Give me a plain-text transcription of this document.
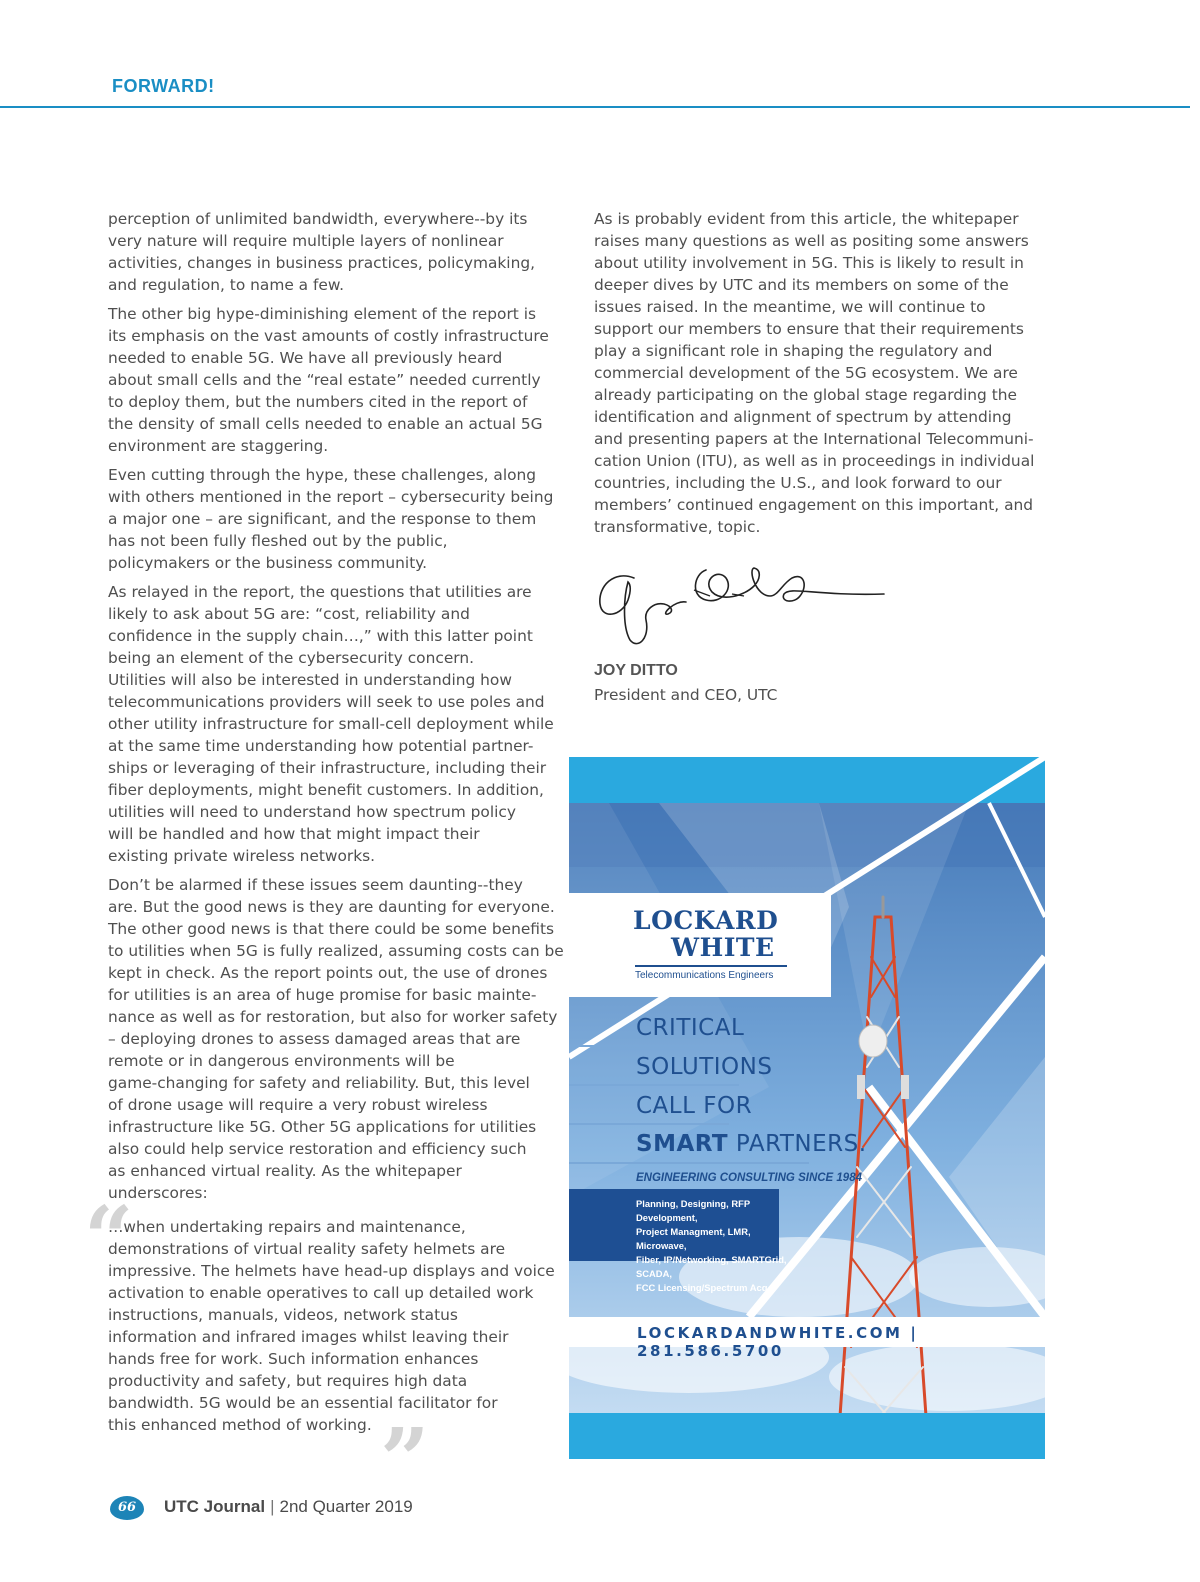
FORWARD!

perception of unlimited bandwidth, everywhere--by its
very nature will require multiple layers of nonlinear
activities, changes in business practices, policymaking,
and regulation, to name a few.

The other big hype-diminishing element of the report is
its emphasis on the vast amounts of costly infrastructure
needed to enable 5G. We have all previously heard
about small cells and the “real estate” needed currently
to deploy them, but the numbers cited in the report of
the density of small cells needed to enable an actual 5G
environment are staggering.

Even cutting through the hype, these challenges, along
with others mentioned in the report – cybersecurity being
a major one – are significant, and the response to them
has not been fully fleshed out by the public,
policymakers or the business community.

As relayed in the report, the questions that utilities are
likely to ask about 5G are: “cost, reliability and
confidence in the supply chain…,” with this latter point
being an element of the cybersecurity concern.
Utilities will also be interested in understanding how
telecommunications providers will seek to use poles and
other utility infrastructure for small-cell deployment while
at the same time understanding how potential partner-
ships or leveraging of their infrastructure, including their
fiber deployments, might benefit customers. In addition,
utilities will need to understand how spectrum policy
will be handled and how that might impact their
existing private wireless networks.

Don’t be alarmed if these issues seem daunting--they
are. But the good news is they are daunting for everyone.
The other good news is that there could be some benefits
to utilities when 5G is fully realized, assuming costs can be
kept in check. As the report points out, the use of drones
for utilities is an area of huge promise for basic mainte-
nance as well as for restoration, but also for worker safety
– deploying drones to assess damaged areas that are
remote or in dangerous environments will be
game-changing for safety and reliability. But, this level
of drone usage will require a very robust wireless
infrastructure like 5G. Other 5G applications for utilities
also could help service restoration and efficiency such
as enhanced virtual reality. As the whitepaper
underscores:

…when undertaking repairs and maintenance,
demonstrations of virtual reality safety helmets are
impressive. The helmets have head-up displays and voice
activation to enable operatives to call up detailed work
instructions, manuals, videos, network status
information and infrared images whilst leaving their
hands free for work. Such information enhances
productivity and safety, but requires high data
bandwidth. 5G would be an essential facilitator for
this enhanced method of working.

“
”

As is probably evident from this article, the whitepaper
raises many questions as well as positing some answers
about utility involvement in 5G. This is likely to result in
deeper dives by UTC and its members on some of the
issues raised. In the meantime, we will continue to
support our members to ensure that their requirements
play a significant role in shaping the regulatory and
commercial development of the 5G ecosystem. We are
already participating on the global stage regarding the
identification and alignment of spectrum by attending
and presenting papers at the International Telecommuni-
cation Union (ITU), as well as in proceedings in individual
countries, including the U.S., and look forward to our
members’ continued engagement on this important, and
transformative, topic.

JOY DITTO
President and CEO, UTC
LOCKARD
WHITE
Telecommunications Engineers
CRITICAL
SOLUTIONS
CALL FOR
SMART PARTNERS.
ENGINEERING CONSULTING SINCE 1984
Planning, Designing, RFP Development,
Project Managment, LMR, Microwave,
Fiber, IP/Networking, SMARTGrid, SCADA,
FCC Licensing/Spectrum Acq.
LOCKARDANDWHITE.COM | 281.586.5700
66	UTC Journal | 2nd Quarter 2019
